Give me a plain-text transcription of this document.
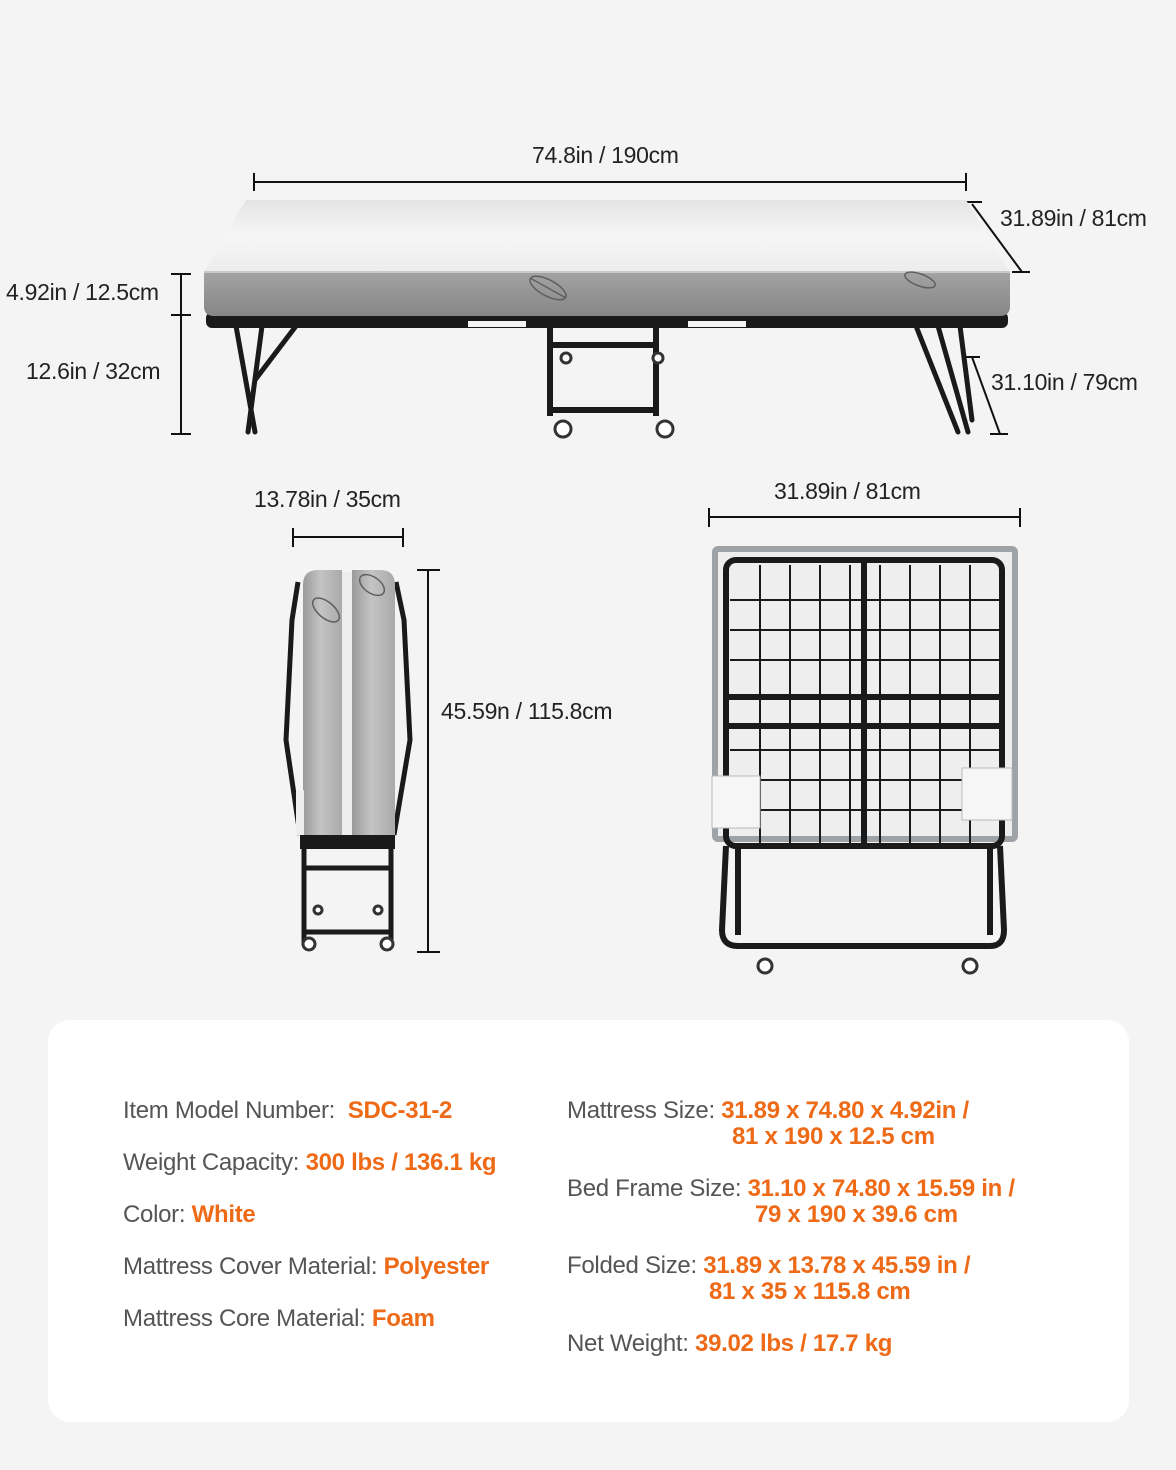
74.8in / 190cm
31.89in / 81cm
4.92in / 12.5cm
12.6in / 32cm	31.10in / 79cm
13.78in / 35cm
45.59n / 115.8cm
31.89in / 81cm
Item Model Number: SDC-31-2
Weight Capacity: 300 lbs / 136.1 kg
Color: White
Mattress Cover Material: Polyester
Mattress Core Material: Foam
Mattress Size: 31.89 x 74.80 x 4.92in /
81 x 190 x 12.5 cm
Bed Frame Size: 31.10 x 74.80 x 15.59 in /
79 x 190 x 39.6 cm
Folded Size: 31.89 x 13.78 x 45.59 in /
81 x 35 x 115.8 cm
Net Weight: 39.02 lbs / 17.7 kg
